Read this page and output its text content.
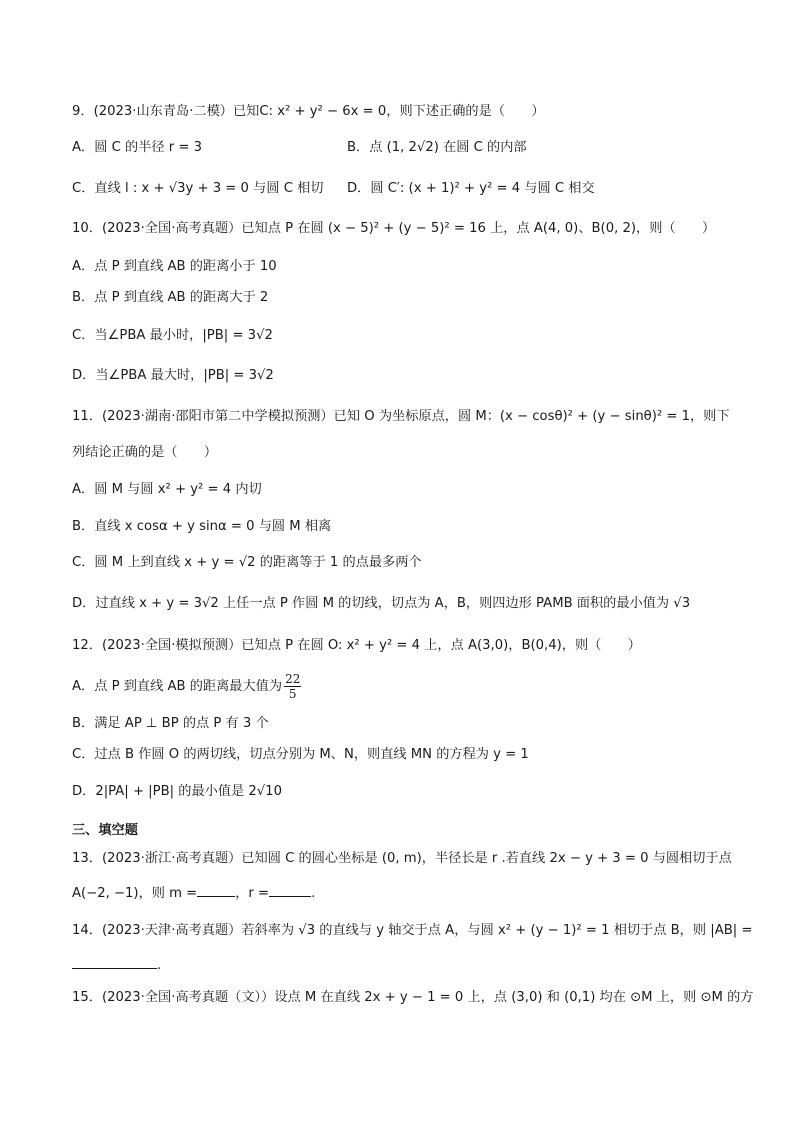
9．(2023·山东青岛·二模）已知C: x² + y² − 6x = 0，则下述正确的是（　　）
A．圆 C 的半径 r = 3	B．点 (1, 2√2) 在圆 C 的内部
C．直线 l : x + √3y + 3 = 0 与圆 C 相切 D．圆 C′: (x + 1)² + y² = 4 与圆 C 相交
10．(2023·全国·高考真题）已知点 P 在圆 (x − 5)² + (y − 5)² = 16 上，点 A(4, 0)、B(0, 2)，则（　　）
A．点 P 到直线 AB 的距离小于 10
B．点 P 到直线 AB 的距离大于 2
C．当∠PBA 最小时，|PB| = 3√2
D．当∠PBA 最大时，|PB| = 3√2
11．(2023·湖南·邵阳市第二中学模拟预测）已知 O 为坐标原点，圆 M：(x − cosθ)² + (y − sinθ)² = 1，则下
列结论正确的是（　　）
A．圆 M 与圆 x² + y² = 4 内切
B．直线 x cosα + y sinα = 0 与圆 M 相离
C．圆 M 上到直线 x + y = √2 的距离等于 1 的点最多两个
D．过直线 x + y = 3√2 上任一点 P 作圆 M 的切线，切点为 A，B，则四边形 PAMB 面积的最小值为 √3
12．(2023·全国·模拟预测）已知点 P 在圆 O: x² + y² = 4 上，点 A(3,0)，B(0,4)，则（　　）
A．点 P 到直线 AB 的距离最大值为 $\frac{22}{5}$
B．满足 AP ⊥ BP 的点 P 有 3 个
C．过点 B 作圆 O 的两切线，切点分别为 M、N，则直线 MN 的方程为 y = 1
D．2|PA| + |PB| 的最小值是 2√10
三、填空题
13．(2023·浙江·高考真题）已知圆 C 的圆心坐标是 (0, m)，半径长是 r .若直线 2x − y + 3 = 0 与圆相切于点
A(−2, −1)，则 m =	，r =	.
14．(2023·天津·高考真题）若斜率为 √3 的直线与 y 轴交于点 A，与圆 x² + (y − 1)² = 1 相切于点 B，则 |AB| =
.
15．(2023·全国·高考真题（文））设点 M 在直线 2x + y − 1 = 0 上，点 (3,0) 和 (0,1) 均在 ⊙M 上，则 ⊙M 的方
